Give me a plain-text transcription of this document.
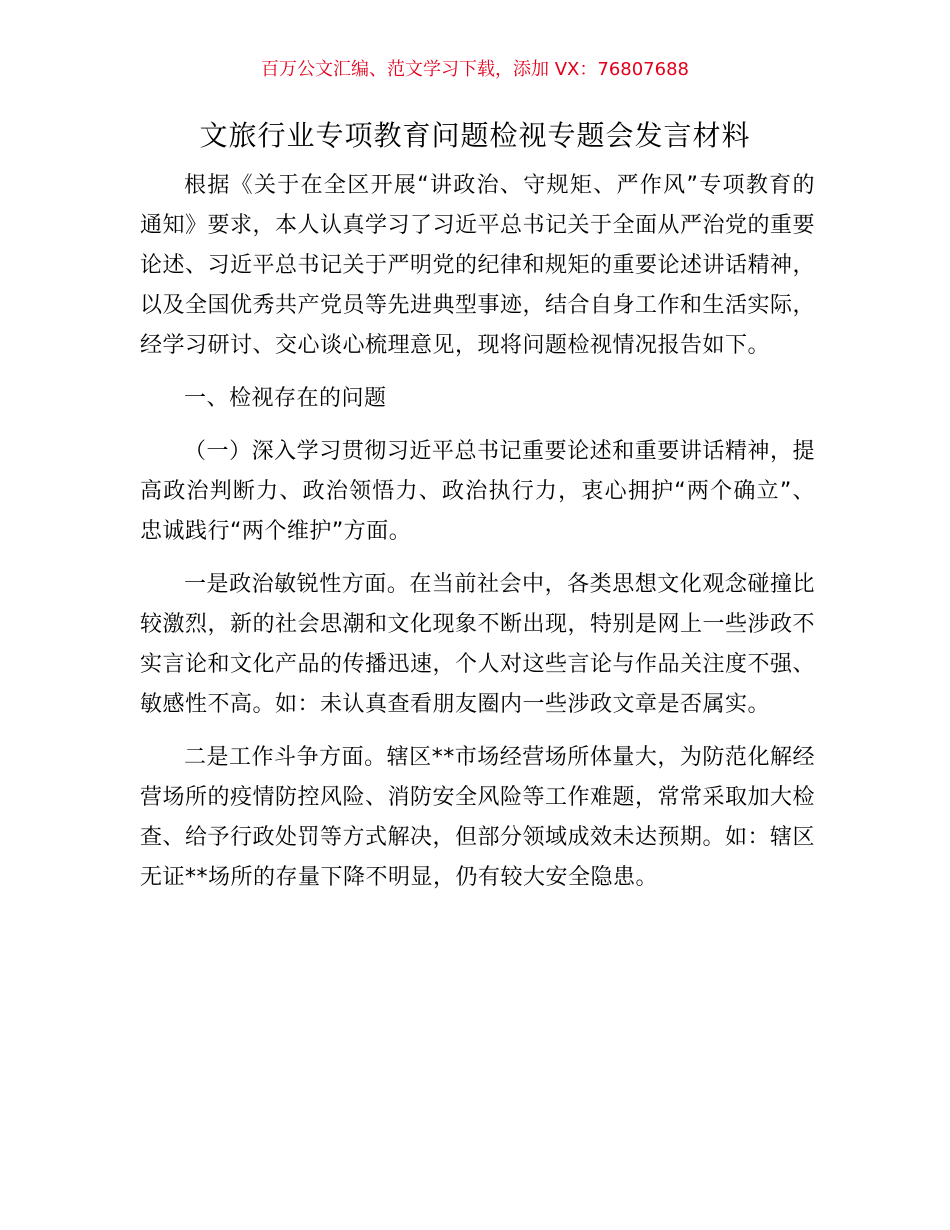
百万公文汇编、范文学习下载，添加 VX：76807688
文旅行业专项教育问题检视专题会发言材料

根据《关于在全区开展“讲政治、守规矩、严作风”专项教育的通知》要求，本人认真学习了习近平总书记关于全面从严治党的重要论述、习近平总书记关于严明党的纪律和规矩的重要论述讲话精神，以及全国优秀共产党员等先进典型事迹，结合自身工作和生活实际，经学习研讨、交心谈心梳理意见，现将问题检视情况报告如下。

一、检视存在的问题

（一）深入学习贯彻习近平总书记重要论述和重要讲话精神，提高政治判断力、政治领悟力、政治执行力，衷心拥护“两个确立”、忠诚践行“两个维护”方面。

一是政治敏锐性方面。在当前社会中，各类思想文化观念碰撞比较激烈，新的社会思潮和文化现象不断出现，特别是网上一些涉政不实言论和文化产品的传播迅速，个人对这些言论与作品关注度不强、敏感性不高。如：未认真查看朋友圈内一些涉政文章是否属实。

二是工作斗争方面。辖区**市场经营场所体量大，为防范化解经营场所的疫情防控风险、消防安全风险等工作难题，常常采取加大检查、给予行政处罚等方式解决，但部分领域成效未达预期。如：辖区无证**场所的存量下降不明显，仍有较大安全隐患。
